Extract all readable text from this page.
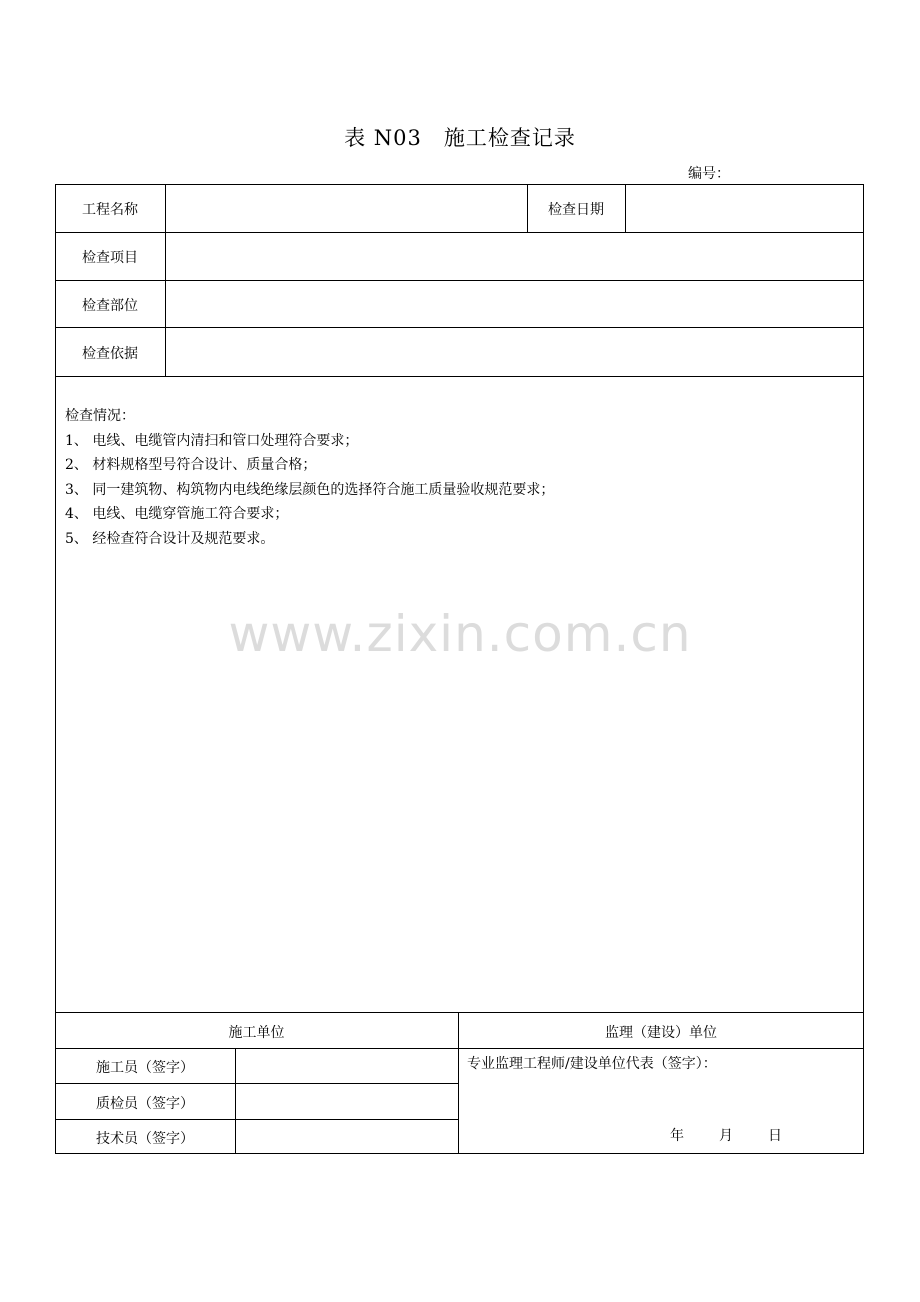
表 N03　施工检查记录
编号：
www.zixin.com.cn
工程名称	检查日期
检查项目
检查部位
检查依据
检查情况：
1、 电线、电缆管内清扫和管口处理符合要求；
2、 材料规格型号符合设计、质量合格；
3、 同一建筑物、构筑物内电线绝缘层颜色的选择符合施工质量验收规范要求；
4、 电线、电缆穿管施工符合要求；
5、 经检查符合设计及规范要求。
施工单位	监理（建设）单位
施工员（签字）
质检员（签字）
技术员（签字）
专业监理工程师/建设单位代表（签字）：
年	月	日
